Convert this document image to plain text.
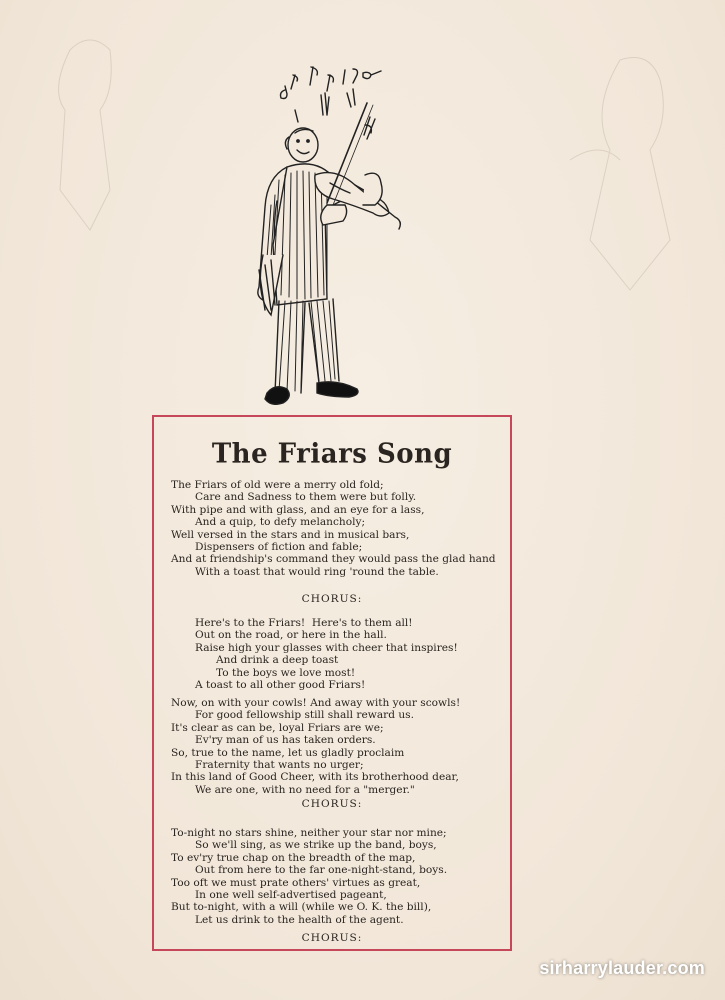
The Friars Song
The Friars of old were a merry old fold;
Care and Sadness to them were but folly.
With pipe and with glass, and an eye for a lass,
And a quip, to defy melancholy;
Well versed in the stars and in musical bars,
Dispensers of fiction and fable;
And at friendship's command they would pass the glad hand
With a toast that would ring 'round the table.
CHORUS:
Here's to the Friars!  Here's to them all!
Out on the road, or here in the hall.
Raise high your glasses with cheer that inspires!
And drink a deep toast
To the boys we love most!
A toast to all other good Friars!
Now, on with your cowls! And away with your scowls!
For good fellowship still shall reward us.
It's clear as can be, loyal Friars are we;
Ev'ry man of us has taken orders.
So, true to the name, let us gladly proclaim
Fraternity that wants no urger;
In this land of Good Cheer, with its brotherhood dear,
We are one, with no need for a "merger."
CHORUS:
To-night no stars shine, neither your star nor mine;
So we'll sing, as we strike up the band, boys,
To ev'ry true chap on the breadth of the map,
Out from here to the far one-night-stand, boys.
Too oft we must prate others' virtues as great,
In one well self-advertised pageant,
But to-night, with a will (while we O. K. the bill),
Let us drink to the health of the agent.
CHORUS:
sirharrylauder.com
